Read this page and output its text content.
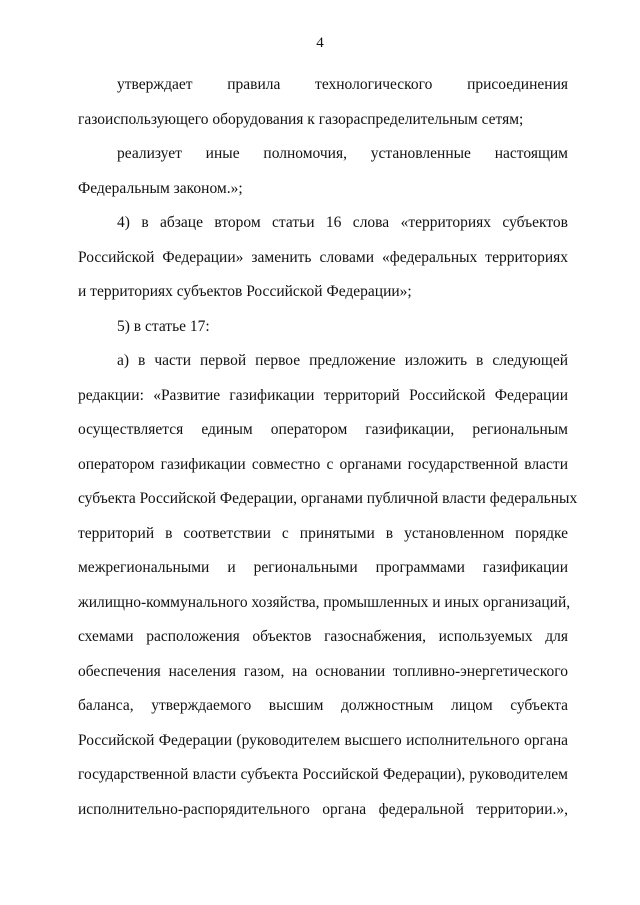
4
утверждает правила технологического присоединения
газоиспользующего оборудования к газораспределительным сетям;
реализует иные полномочия, установленные настоящим
Федеральным законом.»;
4) в абзаце втором статьи 16 слова «территориях субъектов
Российской Федерации» заменить словами «федеральных территориях
и территориях субъектов Российской Федерации»;
5) в статье 17:
а) в части первой первое предложение изложить в следующей
редакции: «Развитие газификации территорий Российской Федерации
осуществляется единым оператором газификации, региональным
оператором газификации совместно с органами государственной власти
субъекта Российской Федерации, органами публичной власти федеральных
территорий в соответствии с принятыми в установленном порядке
межрегиональными и региональными программами газификации
жилищно-коммунального хозяйства, промышленных и иных организаций,
схемами расположения объектов газоснабжения, используемых для
обеспечения населения газом, на основании топливно-энергетического
баланса, утверждаемого высшим должностным лицом субъекта
Российской Федерации (руководителем высшего исполнительного органа
государственной власти субъекта Российской Федерации), руководителем
исполнительно-распорядительного органа федеральной территории.»,
